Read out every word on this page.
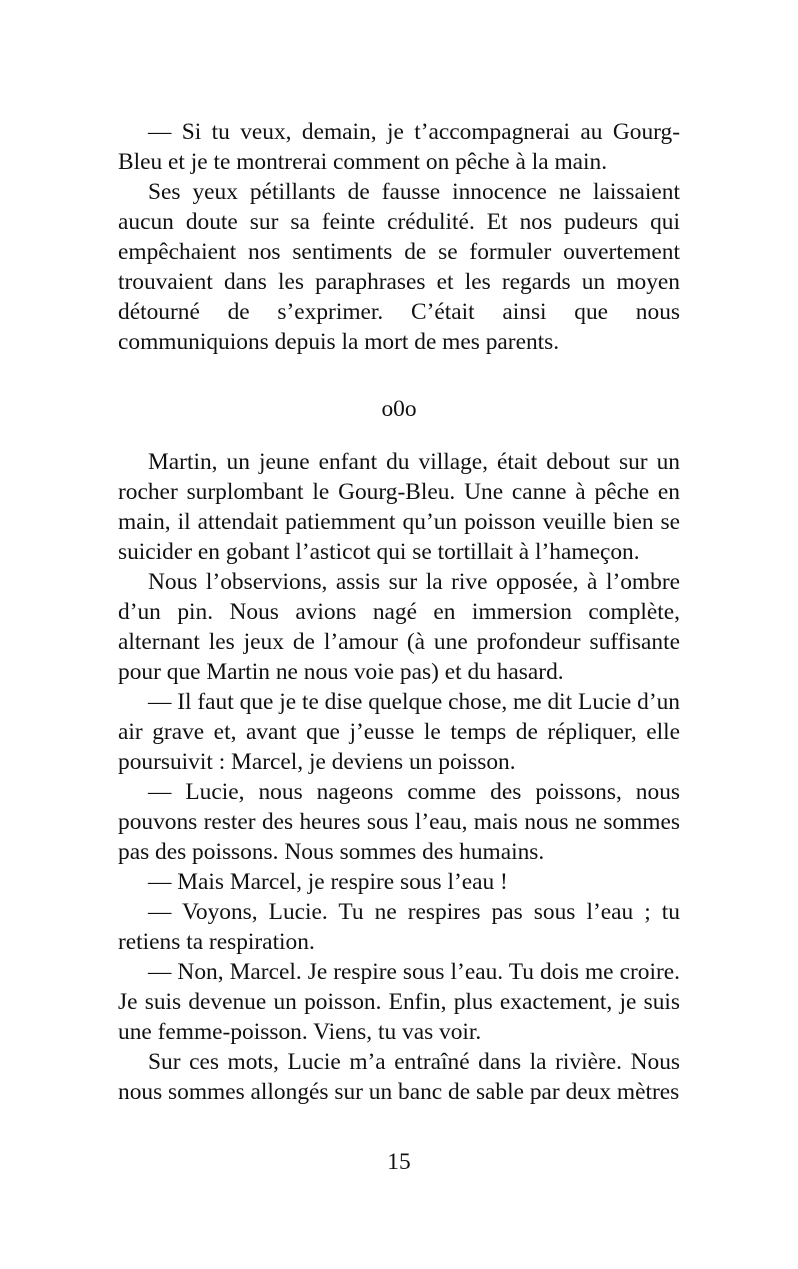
— Si tu veux, demain, je t’accompagnerai au Gourg-Bleu et je te montrerai comment on pêche à la main.

Ses yeux pétillants de fausse innocence ne laissaient aucun doute sur sa feinte crédulité. Et nos pudeurs qui empêchaient nos sentiments de se formuler ouvertement trouvaient dans les paraphrases et les regards un moyen détourné de s’exprimer. C’était ainsi que nous communiquions depuis la mort de mes parents.

o0o

Martin, un jeune enfant du village, était debout sur un rocher surplombant le Gourg-Bleu. Une canne à pêche en main, il attendait patiemment qu’un poisson veuille bien se suicider en gobant l’asticot qui se tortillait à l’hameçon.

Nous l’observions, assis sur la rive opposée, à l’ombre d’un pin. Nous avions nagé en immersion complète, alternant les jeux de l’amour (à une profondeur suffisante pour que Martin ne nous voie pas) et du hasard.

— Il faut que je te dise quelque chose, me dit Lucie d’un air grave et, avant que j’eusse le temps de répliquer, elle poursuivit : Marcel, je deviens un poisson.

— Lucie, nous nageons comme des poissons, nous pouvons rester des heures sous l’eau, mais nous ne sommes pas des poissons. Nous sommes des humains.

— Mais Marcel, je respire sous l’eau !

— Voyons, Lucie. Tu ne respires pas sous l’eau ; tu retiens ta respiration.

— Non, Marcel. Je respire sous l’eau. Tu dois me croire. Je suis devenue un poisson. Enfin, plus exactement, je suis une femme-poisson. Viens, tu vas voir.

Sur ces mots, Lucie m’a entraîné dans la rivière. Nous nous sommes allongés sur un banc de sable par deux mètres

15
